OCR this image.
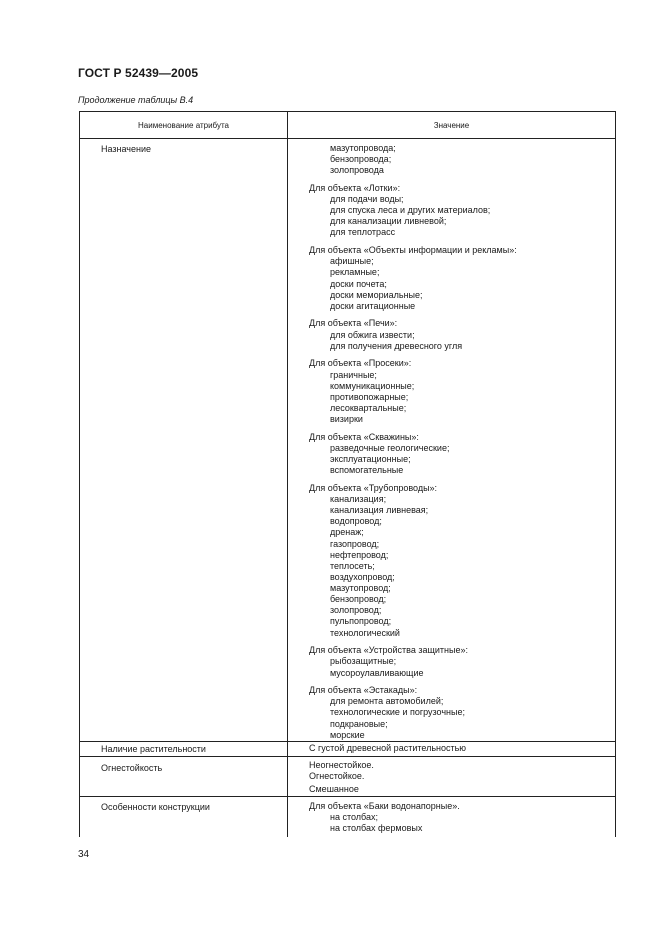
ГОСТ Р 52439—2005
Продолжение таблицы В.4
Наименование атрибута	Значение
Назначение	мазутопровода;
бензопровода;
золопровода
Для объекта «Лотки»:
для подачи воды;
для спуска леса и других материалов;
для канализации ливневой;
для теплотрасс
Для объекта «Объекты информации и рекламы»:
афишные;
рекламные;
доски почета;
доски мемориальные;
доски агитационные
Для объекта «Печи»:
для обжига извести;
для получения древесного угля
Для объекта «Просеки»:
граничные;
коммуникационные;
противопожарные;
лесоквартальные;
визирки
Для объекта «Скважины»:
разведочные геологические;
эксплуатационные;
вспомогательные
Для объекта «Трубопроводы»:
канализация;
канализация ливневая;
водопровод;
дренаж;
газопровод;
нефтепровод;
теплосеть;
воздухопровод;
мазутопровод;
бензопровод;
золопровод;
пульпопровод;
технологический
Для объекта «Устройства защитные»:
рыбозащитные;
мусороулавливающие
Для объекта «Эстакады»:
для ремонта автомобилей;
технологические и погрузочные;
подкрановые;
морские
Наличие растительности	С густой древесной растительностью
Огнестойкость	Неогнестойкое.
Огнестойкое.
Смешанное
Особенности конструкции	Для объекта «Баки водонапорные».
на столбах;
на столбах фермовых
34
